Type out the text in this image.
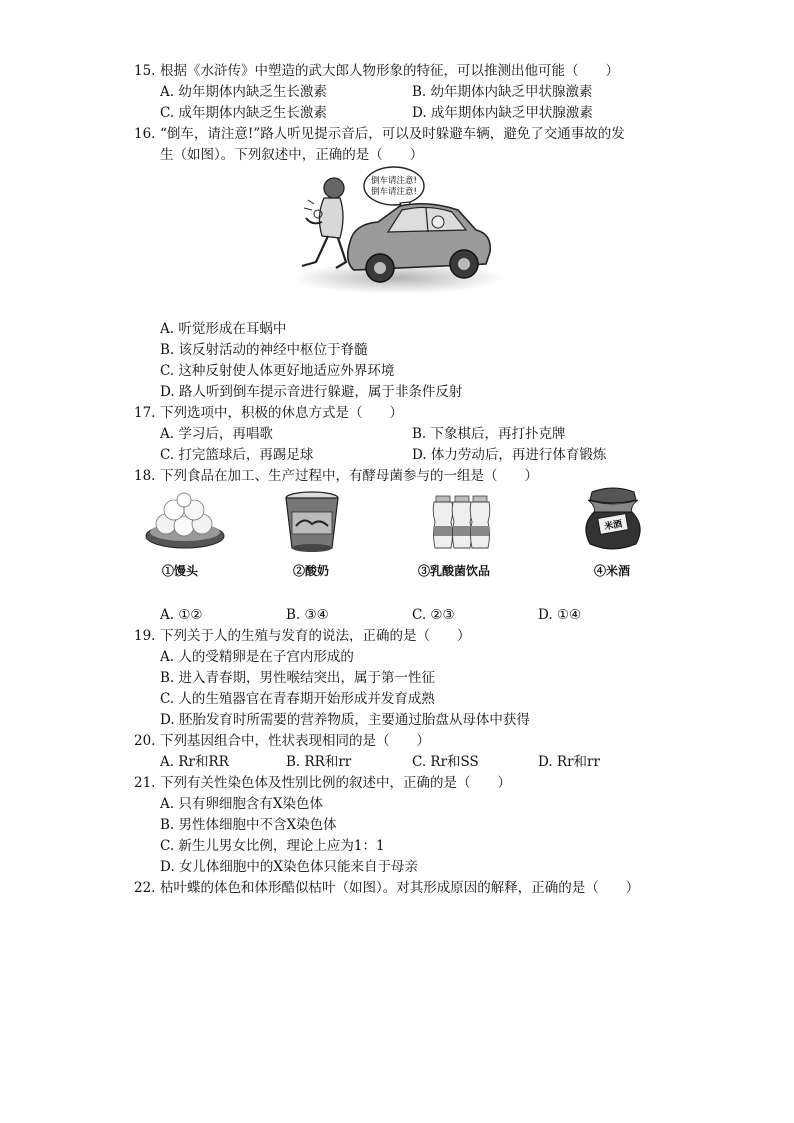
15. 根据《水浒传》中塑造的武大郎人物形象的特征，可以推测出他可能（　　）
A. 幼年期体内缺乏生长激素	B. 幼年期体内缺乏甲状腺激素
C. 成年期体内缺乏生长激素	D. 成年期体内缺乏甲状腺激素
16. “倒车，请注意!”路人听见提示音后，可以及时躲避车辆，避免了交通事故的发
生（如图）。下列叙述中，正确的是（　　）
倒车请注意!
倒车请注意!
A. 听觉形成在耳蜗中
B. 该反射活动的神经中枢位于脊髓
C. 这种反射使人体更好地适应外界环境
D. 路人听到倒车提示音进行躲避，属于非条件反射
17. 下列选项中，积极的休息方式是（　　）
A. 学习后，再唱歌	B. 下象棋后，再打扑克牌
C. 打完篮球后，再踢足球	D. 体力劳动后，再进行体育锻炼
18. 下列食品在加工、生产过程中，有酵母菌参与的一组是（　　）
米酒
①馒头	②酸奶	③乳酸菌饮品	④米酒
A. ①②	B. ③④	C. ②③	D. ①④
19. 下列关于人的生殖与发育的说法，正确的是（　　）
A. 人的受精卵是在子宫内形成的
B. 进入青春期，男性喉结突出，属于第一性征
C. 人的生殖器官在青春期开始形成并发育成熟
D. 胚胎发育时所需要的营养物质，主要通过胎盘从母体中获得
20. 下列基因组合中，性状表现相同的是（　　）
A. Rr和RR	B. RR和rr	C. Rr和SS	D. Rr和rr
21. 下列有关性染色体及性别比例的叙述中，正确的是（　　）
A. 只有卵细胞含有X染色体
B. 男性体细胞中不含X染色体
C. 新生儿男女比例，理论上应为1：1
D. 女儿体细胞中的X染色体只能来自于母亲
22. 枯叶蝶的体色和体形酷似枯叶（如图）。对其形成原因的解释，正确的是（　　）
